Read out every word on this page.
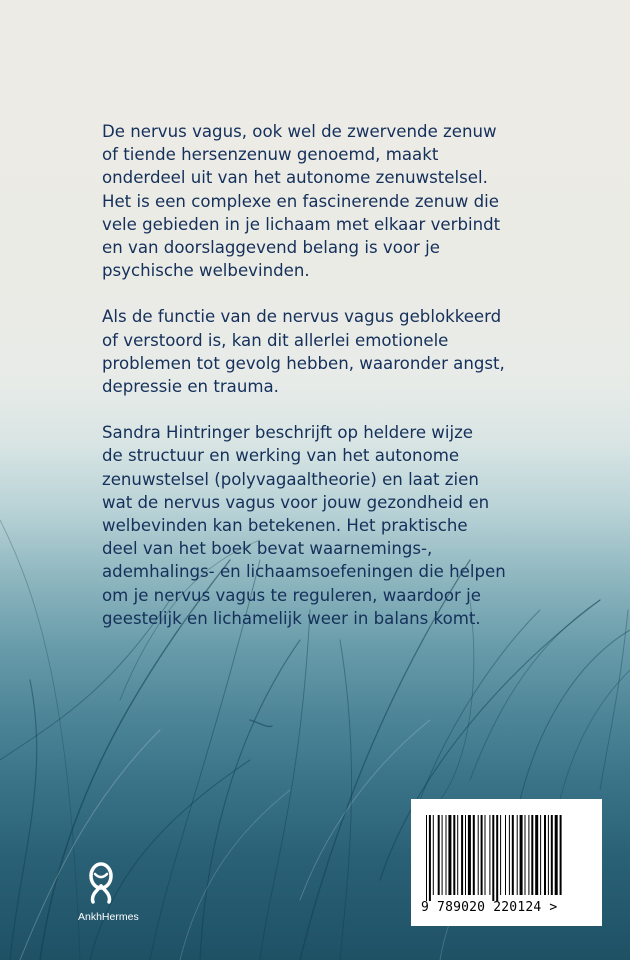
De nervus vagus, ook wel de zwervende zenuw

of tiende hersenzenuw genoemd, maakt

onderdeel uit van het autonome zenuwstelsel.

Het is een complexe en fascinerende zenuw die

vele gebieden in je lichaam met elkaar verbindt

en van doorslaggevend belang is voor je

psychische welbevinden.

Als de functie van de nervus vagus geblokkeerd

of verstoord is, kan dit allerlei emotionele

problemen tot gevolg hebben, waaronder angst,

depressie en trauma.

Sandra Hintringer beschrijft op heldere wijze

de structuur en werking van het autonome

zenuwstelsel (polyvagaaltheorie) en laat zien

wat de nervus vagus voor jouw gezondheid en

welbevinden kan betekenen. Het praktische

deel van het boek bevat waarnemings-,

ademhalings- en lichaamsoefeningen die helpen

om je nervus vagus te reguleren, waardoor je

geestelijk en lichamelijk weer in balans komt.

AnkhHermes
9 789020 220124 >
